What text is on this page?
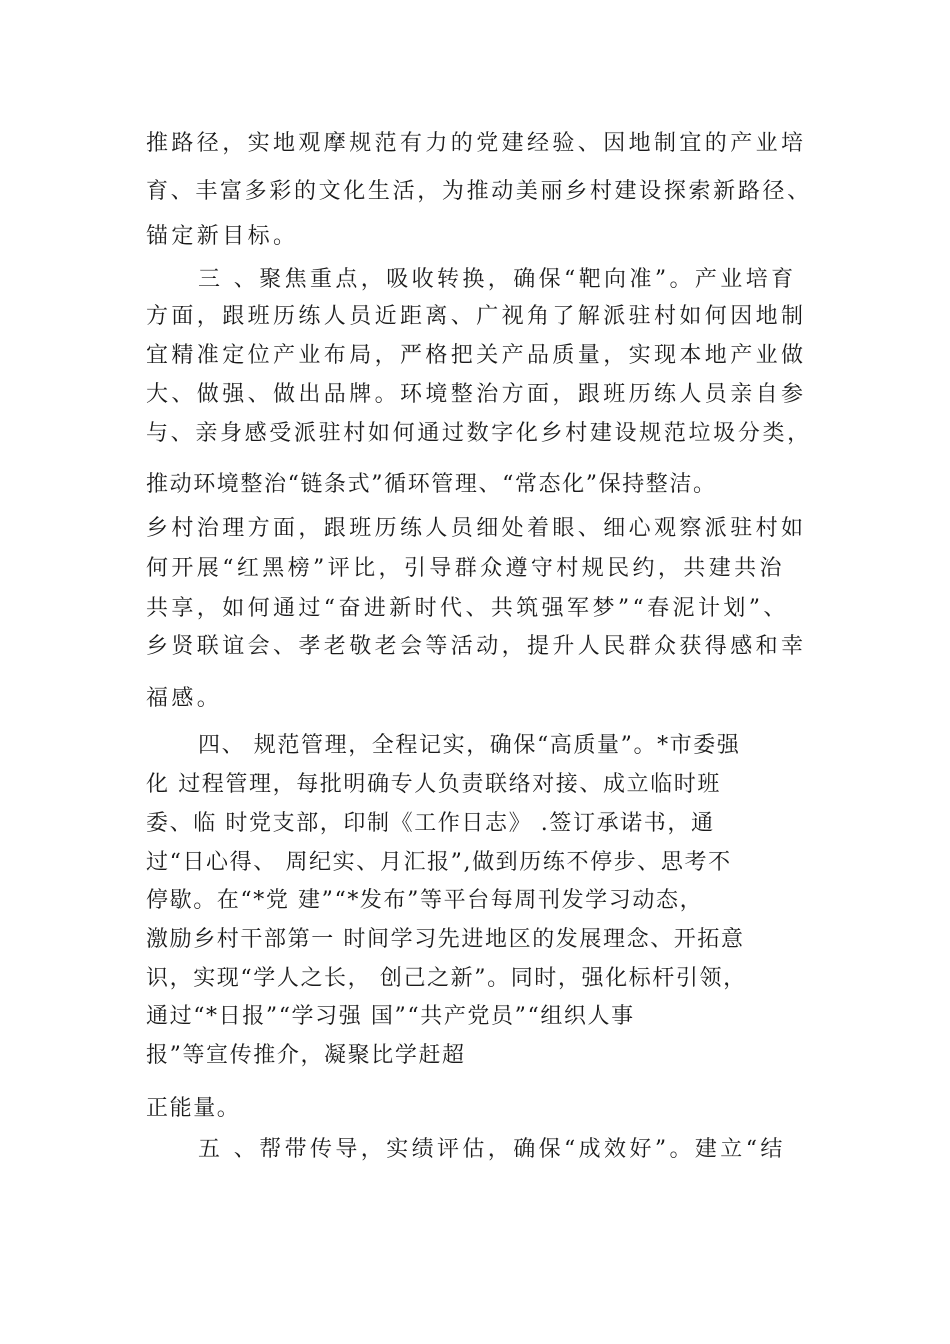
推路径，实地观摩规范有力的党建经验、因地制宜的产业培

育、丰富多彩的文化生活，为推动美丽乡村建设探索新路径、

锚定新目标。

三 、聚焦重点，吸收转换，确保“靶向准”。产业培育

方面，跟班历练人员近距离、广视角了解派驻村如何因地制

宜精准定位产业布局，严格把关产品质量，实现本地产业做

大、做强、做出品牌。环境整治方面，跟班历练人员亲自参

与、亲身感受派驻村如何通过数字化乡村建设规范垃圾分类，

推动环境整治“链条式”循环管理、“常态化”保持整洁。

乡村治理方面，跟班历练人员细处着眼、细心观察派驻村如

何开展“红黑榜”评比，引导群众遵守村规民约，共建共治

共享，如何通过“奋进新时代、共筑强军梦”“春泥计划”、

乡贤联谊会、孝老敬老会等活动，提升人民群众获得感和幸

福感。

四、 规范管理，全程记实，确保“高质量”。*市委强

化 过程管理，每批明确专人负责联络对接、成立临时班

委、临 时党支部，印制《工作日志》 .签订承诺书，通

过“日心得、 周纪实、月汇报”,做到历练不停步、思考不

停歇。在“*党 建”“*发布”等平台每周刊发学习动态，

激励乡村干部第一 时间学习先进地区的发展理念、开拓意

识，实现“学人之长， 创己之新”。同时，强化标杆引领，

通过“*日报”“学习强 国”“共产党员”“组织人事

报”等宣传推介，凝聚比学赶超

正能量。

五 、帮带传导，实绩评估，确保“成效好”。建立“结
